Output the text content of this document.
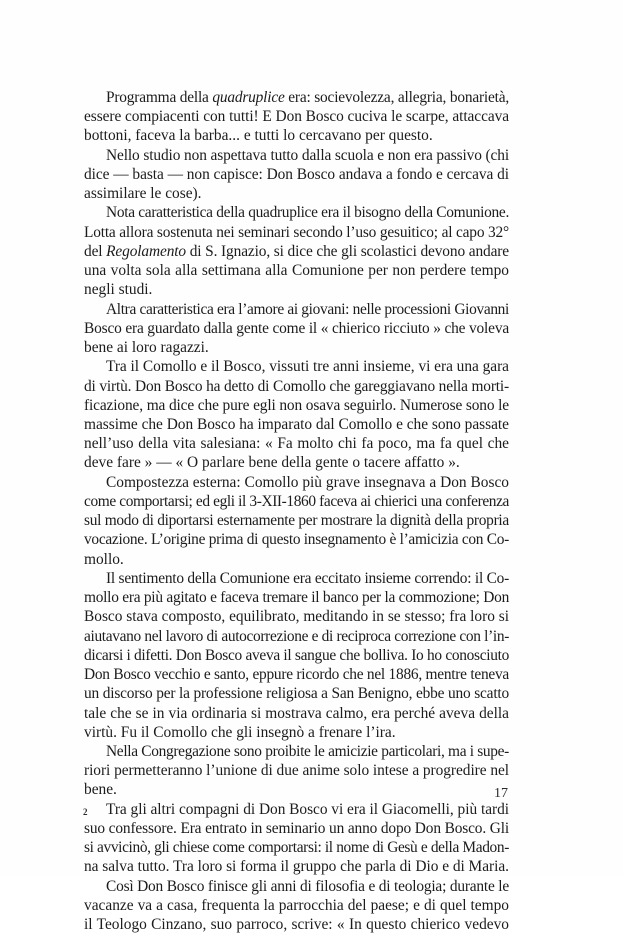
Programma della quadruplice era: socievolezza, allegria, bonarietà,
essere compiacenti con tutti! E Don Bosco cuciva le scarpe, attaccava
bottoni, faceva la barba... e tutti lo cercavano per questo.
Nello studio non aspettava tutto dalla scuola e non era passivo (chi
dice — basta — non capisce: Don Bosco andava a fondo e cercava di
assimilare le cose).
Nota caratteristica della quadruplice era il bisogno della Comunione.
Lotta allora sostenuta nei seminari secondo l’uso gesuitico; al capo 32°
del Regolamento di S. Ignazio, si dice che gli scolastici devono andare
una volta sola alla settimana alla Comunione per non perdere tempo
negli studi.
Altra caratteristica era l’amore ai giovani: nelle processioni Giovanni
Bosco era guardato dalla gente come il « chierico ricciuto » che voleva
bene ai loro ragazzi.
Tra il Comollo e il Bosco, vissuti tre anni insieme, vi era una gara
di virtù. Don Bosco ha detto di Comollo che gareggiavano nella morti-
ficazione, ma dice che pure egli non osava seguirlo. Numerose sono le
massime che Don Bosco ha imparato dal Comollo e che sono passate
nell’uso della vita salesiana: « Fa molto chi fa poco, ma fa quel che
deve fare » — « O parlare bene della gente o tacere affatto ».
Compostezza esterna: Comollo più grave insegnava a Don Bosco
come comportarsi; ed egli il 3-XII-1860 faceva ai chierici una conferenza
sul modo di diportarsi esternamente per mostrare la dignità della propria
vocazione. L’origine prima di questo insegnamento è l’amicizia con Co-
mollo.
Il sentimento della Comunione era eccitato insieme correndo: il Co-
mollo era più agitato e faceva tremare il banco per la commozione; Don
Bosco stava composto, equilibrato, meditando in se stesso; fra loro si
aiutavano nel lavoro di autocorrezione e di reciproca correzione con l’in-
dicarsi i difetti. Don Bosco aveva il sangue che bolliva. Io ho conosciuto
Don Bosco vecchio e santo, eppure ricordo che nel 1886, mentre teneva
un discorso per la professione religiosa a San Benigno, ebbe uno scatto
tale che se in via ordinaria si mostrava calmo, era perché aveva della
virtù. Fu il Comollo che gli insegnò a frenare l’ira.
Nella Congregazione sono proibite le amicizie particolari, ma i supe-
riori permetteranno l’unione di due anime solo intese a progredire nel
bene.
Tra gli altri compagni di Don Bosco vi era il Giacomelli, più tardi
suo confessore. Era entrato in seminario un anno dopo Don Bosco. Gli
si avvicinò, gli chiese come comportarsi: il nome di Gesù e della Madon-
na salva tutto. Tra loro si forma il gruppo che parla di Dio e di Maria.
Così Don Bosco finisce gli anni di filosofia e di teologia; durante le
vacanze va a casa, frequenta la parrocchia del paese; e di quel tempo
il Teologo Cinzano, suo parroco, scrive: « In questo chierico vedevo
17
2
